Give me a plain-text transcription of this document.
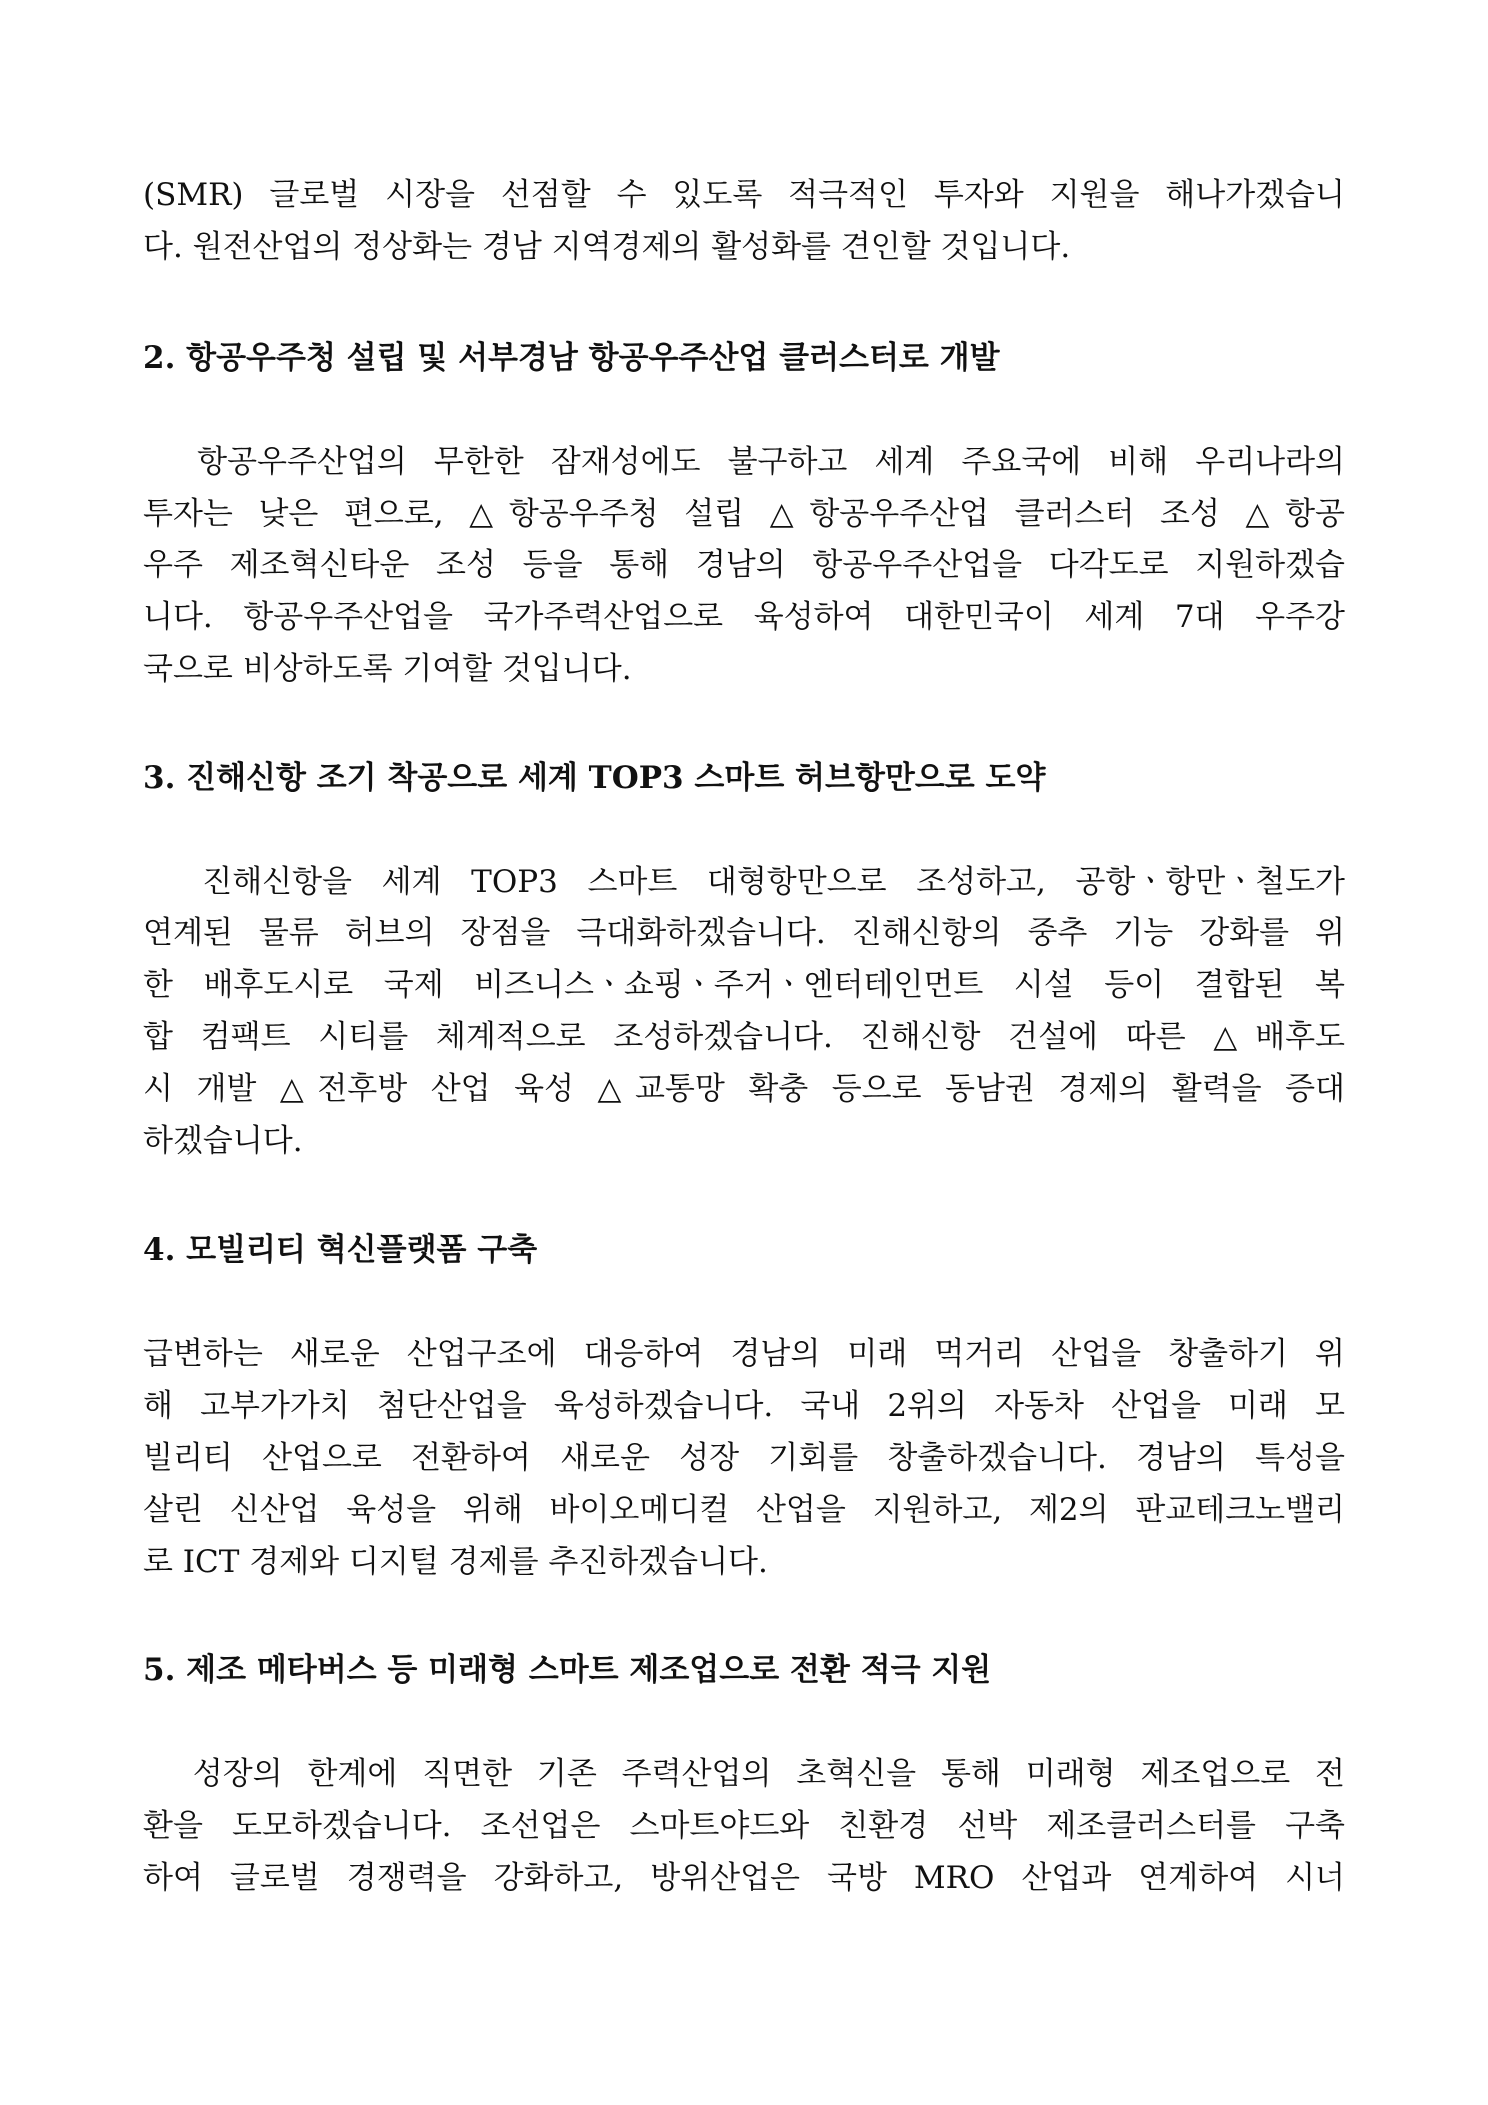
(SMR) 글로벌 시장을 선점할 수 있도록 적극적인 투자와 지원을 해나가겠습니
다. 원전산업의 정상화는 경남 지역경제의 활성화를 견인할 것입니다.
2. 항공우주청 설립 및 서부경남 항공우주산업 클러스터로 개발
항공우주산업의 무한한 잠재성에도 불구하고 세계 주요국에 비해 우리나라의
투자는 낮은 편으로, △항공우주청 설립 △항공우주산업 클러스터 조성 △항공
우주 제조혁신타운 조성 등을 통해 경남의 항공우주산업을 다각도로 지원하겠습
니다. 항공우주산업을 국가주력산업으로 육성하여 대한민국이 세계 7대 우주강
국으로 비상하도록 기여할 것입니다.
3. 진해신항 조기 착공으로 세계 TOP3 스마트 허브항만으로 도약
진해신항을 세계 TOP3 스마트 대형항만으로 조성하고, 공항ㆍ항만ㆍ철도가
연계된 물류 허브의 장점을 극대화하겠습니다. 진해신항의 중추 기능 강화를 위
한 배후도시로 국제 비즈니스ㆍ쇼핑ㆍ주거ㆍ엔터테인먼트 시설 등이 결합된 복
합 컴팩트 시티를 체계적으로 조성하겠습니다. 진해신항 건설에 따른 △배후도
시 개발 △전후방 산업 육성 △교통망 확충 등으로 동남권 경제의 활력을 증대
하겠습니다.
4. 모빌리티 혁신플랫폼 구축
급변하는 새로운 산업구조에 대응하여 경남의 미래 먹거리 산업을 창출하기 위
해 고부가가치 첨단산업을 육성하겠습니다. 국내 2위의 자동차 산업을 미래 모
빌리티 산업으로 전환하여 새로운 성장 기회를 창출하겠습니다. 경남의 특성을
살린 신산업 육성을 위해 바이오메디컬 산업을 지원하고, 제2의 판교테크노밸리
로 ICT 경제와 디지털 경제를 추진하겠습니다.
5. 제조 메타버스 등 미래형 스마트 제조업으로 전환 적극 지원
성장의 한계에 직면한 기존 주력산업의 초혁신을 통해 미래형 제조업으로 전
환을 도모하겠습니다. 조선업은 스마트야드와 친환경 선박 제조클러스터를 구축
하여 글로벌 경쟁력을 강화하고, 방위산업은 국방 MRO 산업과 연계하여 시너
